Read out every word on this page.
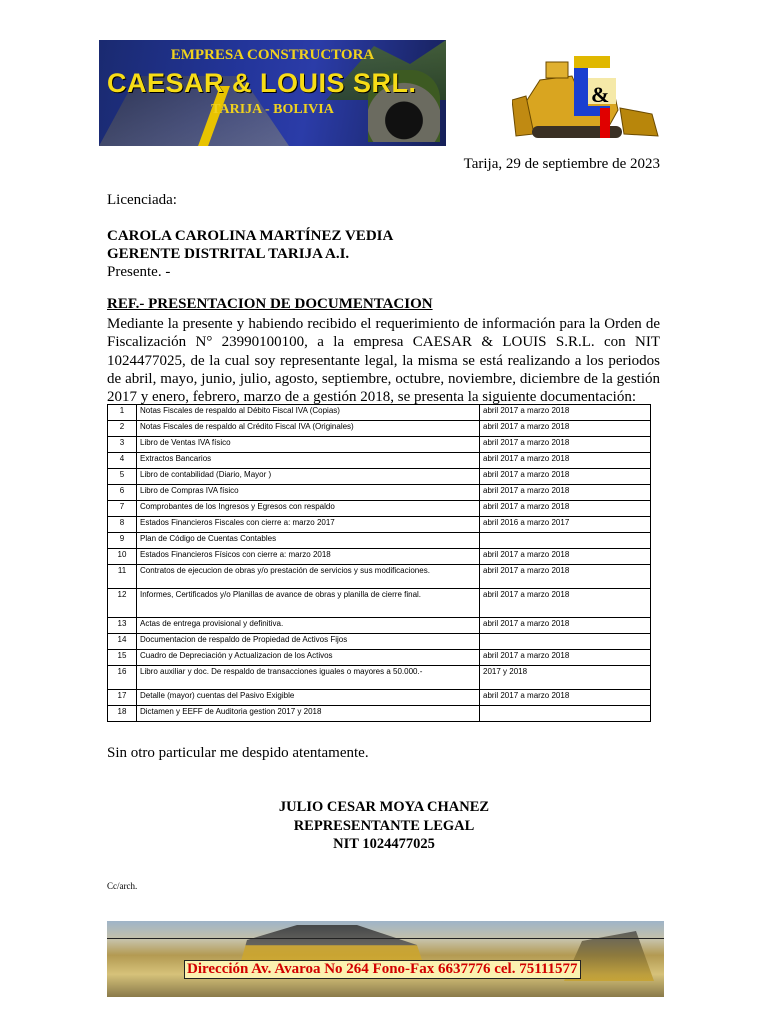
EMPRESA CONSTRUCTORA
CAESAR & LOUIS SRL.
TARIJA - BOLIVIA
&
Tarija, 29 de septiembre de 2023
Licenciada:
CAROLA CAROLINA MARTÍNEZ VEDIA
GERENTE DISTRITAL TARIJA A.I.
Presente. -
REF.- PRESENTACION DE DOCUMENTACION
Mediante la presente y habiendo recibido el requerimiento de información para la Orden de Fiscalización N° 23990100100, a la empresa CAESAR & LOUIS S.R.L. con NIT 1024477025, de la cual soy representante legal, la misma se está realizando a los periodos de abril, mayo, junio, julio, agosto, septiembre, octubre, noviembre, diciembre de la gestión 2017 y enero, febrero, marzo de a gestión 2018, se presenta la siguiente documentación:
1	Notas Fiscales de respaldo al Débito Fiscal IVA (Copias)	abril 2017 a marzo 2018
2	Notas Fiscales de respaldo al Crédito Fiscal IVA (Originales)	abril 2017 a marzo 2018
3	Libro de Ventas IVA físico	abril 2017 a marzo 2018
4	Extractos Bancarios	abril 2017 a marzo 2018
5	Libro de contabilidad (Diario, Mayor )	abril 2017 a marzo 2018
6	Libro de Compras IVA físico	abril 2017 a marzo 2018
7	Comprobantes de los Ingresos y Egresos con respaldo	abril 2017 a marzo 2018
8	Estados Financieros Fiscales con cierre a: marzo 2017	abril 2016 a marzo 2017
9	Plan de Código de Cuentas Contables	
10	Estados Financieros Físicos con cierre a: marzo 2018	abril 2017 a marzo 2018
11	Contratos de ejecucion de obras y/o prestación de servicios y sus modificaciones.	abril 2017 a marzo 2018
12	Informes, Certificados y/o Planillas de avance de obras y planilla de cierre final.	abril 2017 a marzo 2018
13	Actas de entrega provisional y definitiva.	abril 2017 a marzo 2018
14	Documentacion de respaldo de Propiedad de Activos Fijos	
15	Cuadro de Depreciación y Actualizacion de los Activos	abril 2017 a marzo 2018
16	Libro auxiliar y doc. De respaldo de transacciones iguales o mayores a 50.000.-	2017 y 2018
17	Detalle (mayor) cuentas del Pasivo Exigible	abril 2017 a marzo 2018
18	Dictamen y EEFF de Auditoria gestion 2017 y 2018	
Sin otro particular me despido atentamente.
JULIO CESAR MOYA CHANEZ
REPRESENTANTE LEGAL
NIT 1024477025
Cc/arch.
Dirección Av. Avaroa No 264 Fono-Fax 6637776 cel. 75111577
